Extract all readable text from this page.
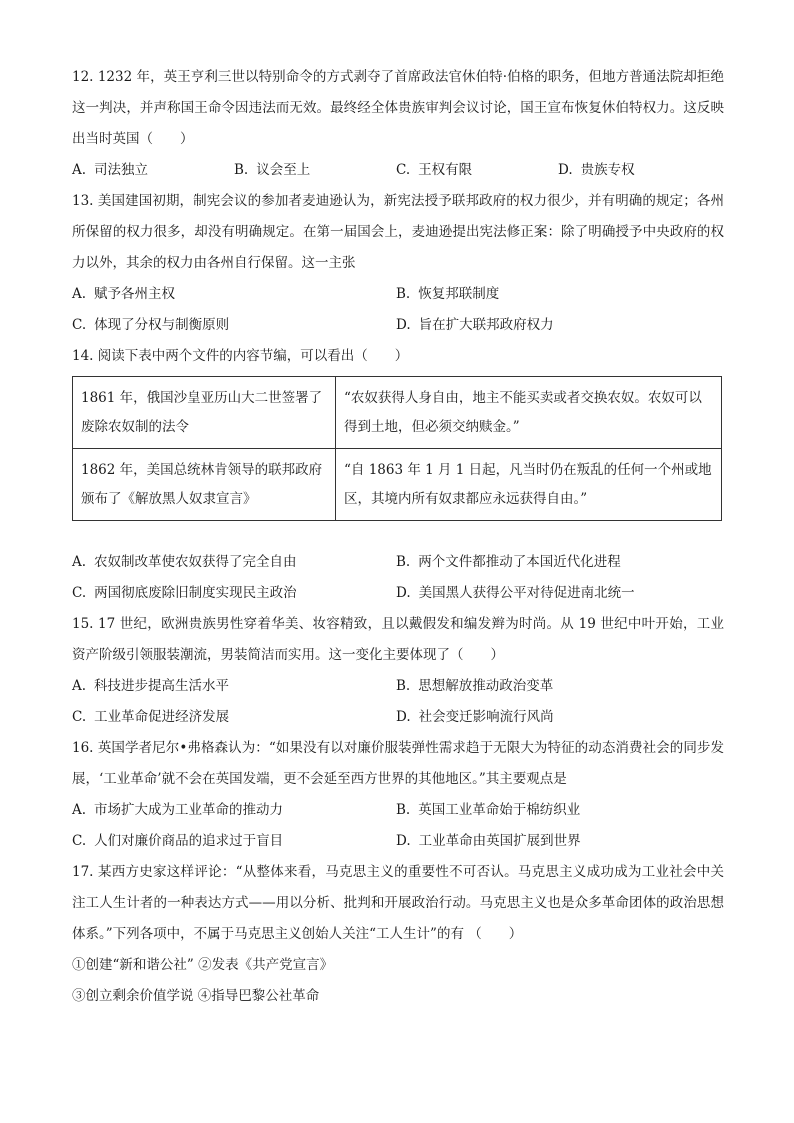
12. 1232 年，英王亨利三世以特别命令的方式剥夺了首席政法官休伯特·伯格的职务，但地方普通法院却拒绝这一判决，并声称国王命令因违法而无效。最终经全体贵族审判会议讨论，国王宣布恢复休伯特权力。这反映出当时英国（　　）

A. 司法独立	B. 议会至上	C. 王权有限	D. 贵族专权

13. 美国建国初期，制宪会议的参加者麦迪逊认为，新宪法授予联邦政府的权力很少，并有明确的规定；各州所保留的权力很多，却没有明确规定。在第一届国会上，麦迪逊提出宪法修正案：除了明确授予中央政府的权力以外，其余的权力由各州自行保留。这一主张

A. 赋予各州主权	B. 恢复邦联制度
C. 体现了分权与制衡原则	D. 旨在扩大联邦政府权力

14. 阅读下表中两个文件的内容节编，可以看出（　　）

1861 年，俄国沙皇亚历山大二世签署了废除农奴制的法令	“农奴获得人身自由，地主不能买卖或者交换农奴。农奴可以得到土地，但必须交纳赎金。”
1862 年，美国总统林肯领导的联邦政府颁布了《解放黑人奴隶宣言》	“自 1863 年 1 月 1 日起，凡当时仍在叛乱的任何一个州或地区，其境内所有奴隶都应永远获得自由。”
A. 农奴制改革使农奴获得了完全自由	B. 两个文件都推动了本国近代化进程
C. 两国彻底废除旧制度实现民主政治	D. 美国黑人获得公平对待促进南北统一

15. 17 世纪，欧洲贵族男性穿着华美、妆容精致，且以戴假发和编发辫为时尚。从 19 世纪中叶开始，工业资产阶级引领服装潮流，男装简洁而实用。这一变化主要体现了（　　）

A. 科技进步提高生活水平	B. 思想解放推动政治变革
C. 工业革命促进经济发展	D. 社会变迁影响流行风尚

16. 英国学者尼尔•弗格森认为：“如果没有以对廉价服装弹性需求趋于无限大为特征的动态消费社会的同步发展，‘工业革命’就不会在英国发端，更不会延至西方世界的其他地区。”其主要观点是

A. 市场扩大成为工业革命的推动力	B. 英国工业革命始于棉纺织业
C. 人们对廉价商品的追求过于盲目	D. 工业革命由英国扩展到世界

17. 某西方史家这样评论：“从整体来看，马克思主义的重要性不可否认。马克思主义成功成为工业社会中关注工人生计者的一种表达方式——用以分析、批判和开展政治行动。马克思主义也是众多革命团体的政治思想体系。”下列各项中，不属于马克思主义创始人关注“工人生计”的有 （　　）

①创建“新和谐公社” ②发表《共产党宣言》

③创立剩余价值学说 ④指导巴黎公社革命
